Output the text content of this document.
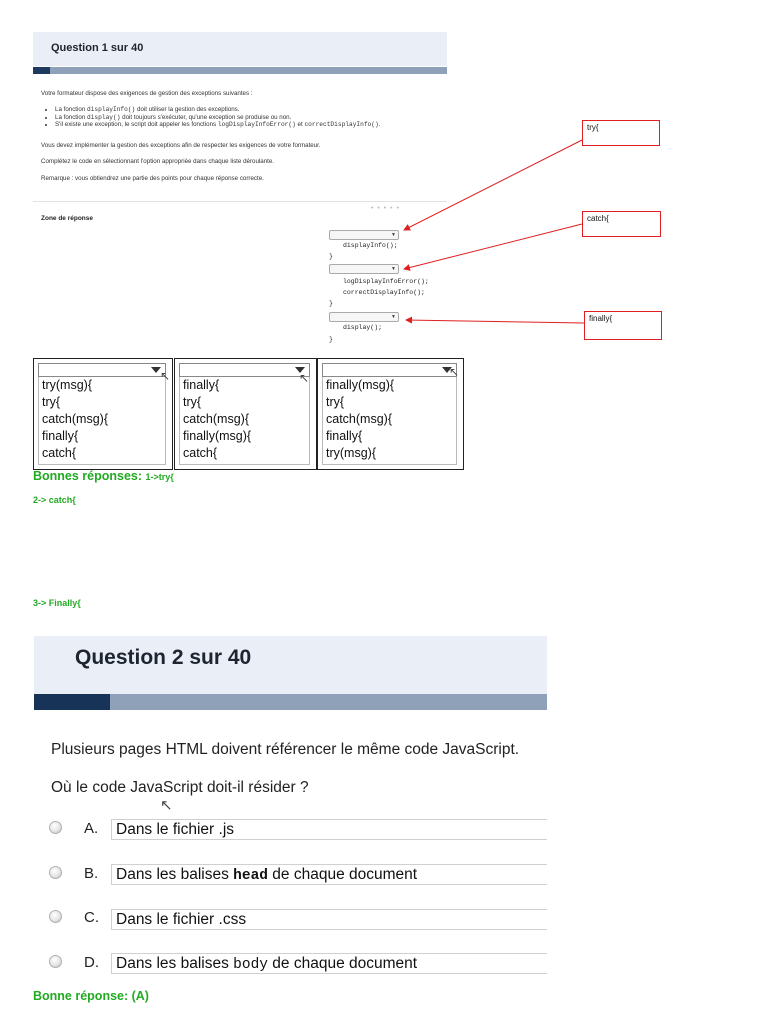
Question 1 sur 40
Votre formateur dispose des exigences de gestion des exceptions suivantes :
• La fonction displayInfo() doit utiliser la gestion des exceptions.
• La fonction display() doit toujours s'exécuter, qu'une exception se produise ou non.
• S'il existe une exception, le script doit appeler les fonctions logDisplayInfoError() et correctDisplayInfo().
Vous devez implémenter la gestion des exceptions afin de respecter les exigences de votre formateur.
Complétez le code en sélectionnant l'option appropriée dans chaque liste déroulante.
Remarque : vous obtiendrez une partie des points pour chaque réponse correcte.
• • • • •
Zone de réponse
▼
displayInfo();
}
▼
logDisplayInfoError();
correctDisplayInfo();
}
▼
display();
}
try{
catch{
finally{
try(msg){
try{
catch(msg){
finally{
catch{
↖
finally{
try{
catch(msg){
finally(msg){
catch{
↖ finally(msg){
try{
catch(msg){
finally{
try(msg){
↖
Bonnes réponses: 1->try{
2-> catch{
3-> Finally{
Question 2 sur 40
Plusieurs pages HTML doivent référencer le même code JavaScript.
Où le code JavaScript doit-il résider ?
↖
A.	Dans le fichier .js
B.	Dans les balises head de chaque document
C.	Dans le fichier .css
D.	Dans les balises body de chaque document
Bonne réponse: (A)
